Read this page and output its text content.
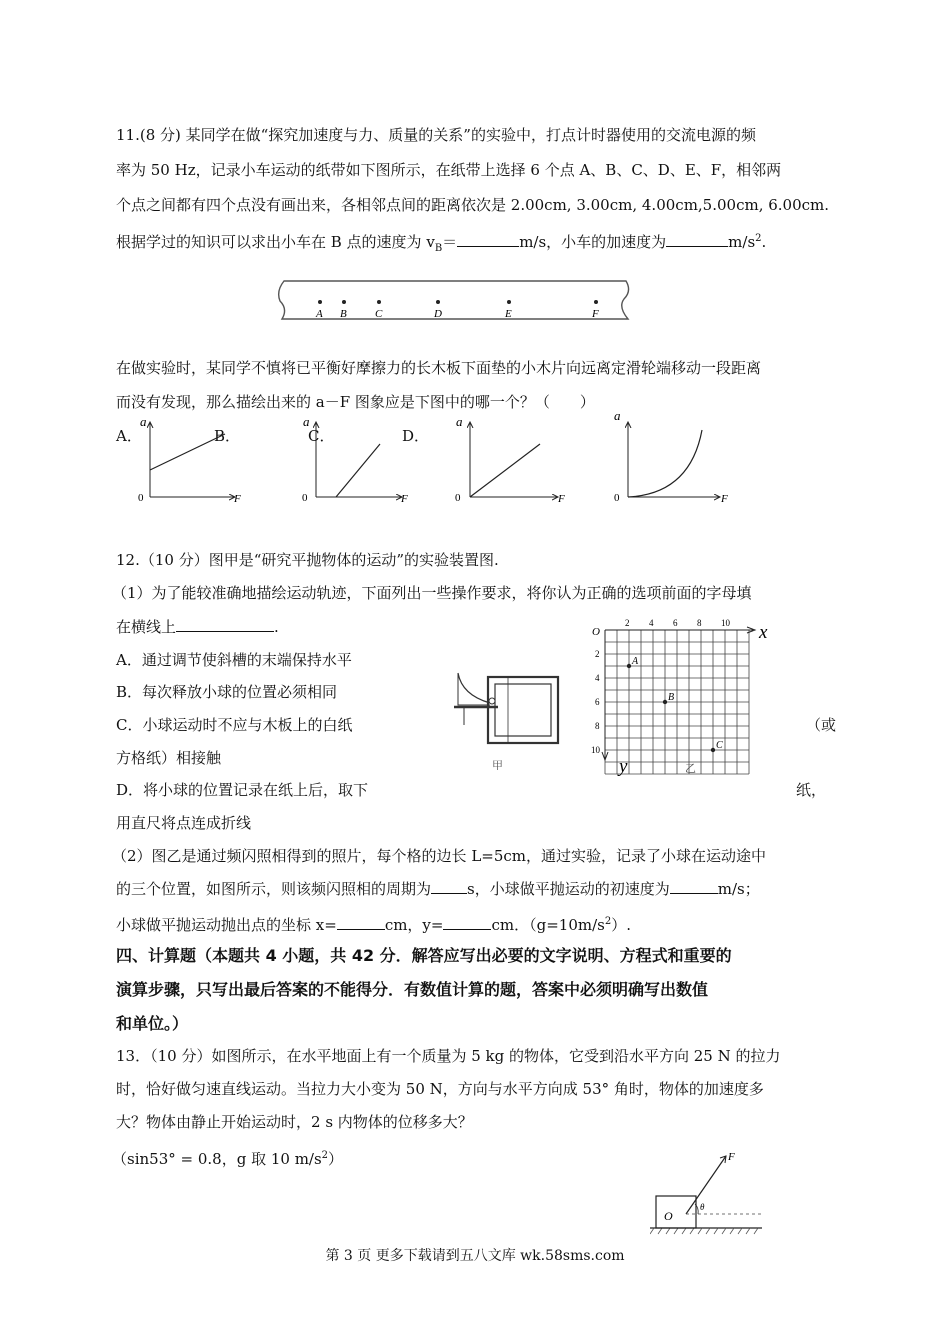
11.(8 分) 某同学在做“探究加速度与力、质量的关系”的实验中，打点计时器使用的交流电源的频
率为 50 Hz，记录小车运动的纸带如下图所示，在纸带上选择 6 个点 A、B、C、D、E、F，相邻两
个点之间都有四个点没有画出来，各相邻点间的距离依次是 2.00cm, 3.00cm, 4.00cm,5.00cm, 6.00cm.
根据学过的知识可以求出小车在 B 点的速度为 $v_B=$	m/s，小车的加速度为	$m/s^2$.
A B	C	D	E	F
在做实验时，某同学不慎将已平衡好摩擦力的长木板下面垫的小木片向远离定滑轮端移动一段距离
而没有发现，那么描绘出来的 a－F 图象应是下图中的哪一个？（　　）
A．	B．	C．	D．
a
F
0
a
F
0
a
F
0
a
F
0
12.（10 分）图甲是“研究平抛物体的运动”的实验装置图.
（1）为了能较准确地描绘运动轨迹，下面列出一些操作要求，将你认为正确的选项前面的字母填
在横线上	.
A．通过调节使斜槽的末端保持水平
B．每次释放小球的位置必须相同
C．小球运动时不应与木板上的白纸	（或
方格纸）相接触
D．将小球的位置记录在纸上后，取下	纸，
用直尺将点连成折线
甲
2 4 6 8 10
2
4
6
8
10
A
B
C
x
y
O
乙
（2）图乙是通过频闪照相得到的照片，每个格的边长 L=5cm，通过实验，记录了小球在运动途中
的三个位置，如图所示，则该频闪照相的周期为 s，小球做平抛运动的初速度为	m/s；
小球做平抛运动抛出点的坐标 x=	cm，y=	cm．$(g=10m/s^2)$.
四、计算题（本题共 4 小题，共 42 分．解答应写出必要的文字说明、方程式和重要的
演算步骤，只写出最后答案的不能得分．有数值计算的题，答案中必须明确写出数值
和单位。）
13．（10 分）如图所示，在水平地面上有一个质量为 5 kg 的物体，它受到沿水平方向 25 N 的拉力
时，恰好做匀速直线运动。当拉力大小变为 50 N，方向与水平方向成 53° 角时，物体的加速度多
大？物体由静止开始运动时，2 s 内物体的位移多大？
（sin53° = 0.8，g 取 10 $m/s^2$）	F
O
θ
第 3 页 更多下载请到五八文库 wk.58sms.com
